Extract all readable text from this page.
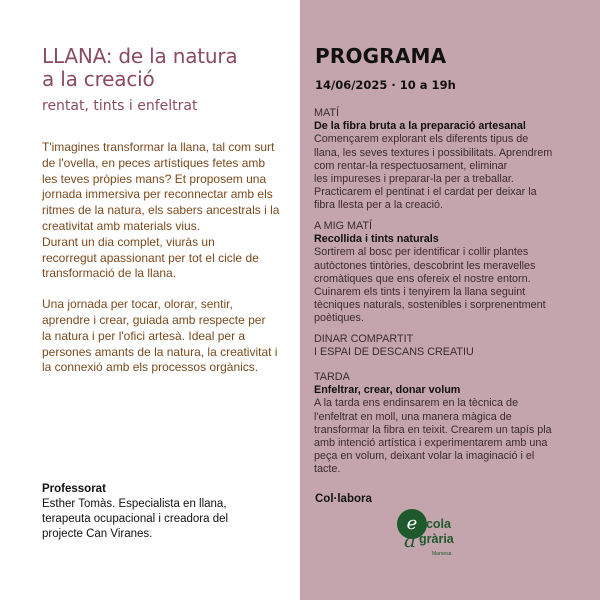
LLANA: de la natura
a la creació
rentat, tints i enfeltrat

T'imagines transformar la llana, tal com surt
de l'ovella, en peces artístiques fetes amb
les teves pròpies mans? Et proposem una
jornada immersiva per reconnectar amb els
ritmes de la natura, els sabers ancestrals i la
creativitat amb materials vius.
Durant un dia complet, viuràs un
recorregut apassionant per tot el cicle de
transformació de la llana.

Una jornada per tocar, olorar, sentir,
aprendre i crear, guiada amb respecte per
la natura i per l'ofici artesà. Ideal per a
persones amants de la natura, la creativitat i
la connexió amb els processos orgànics.

Professorat
Esther Tomàs. Especialista en llana,
terapeuta ocupacional i creadora del
projecte Can Viranes.
PROGRAMA
14/06/2025 · 10 a 19h
MATÍ
De la fibra bruta a la preparació artesanal
Començarem explorant els diferents tipus de
llana, les seves textures i possibilitats. Aprendrem
com rentar-la respectuosament, eliminar
les impureses i preparar-la per a treballar.
Practicarem el pentinat i el cardat per deixar la
fibra llesta per a la creació.
A MIG MATÍ
Recollida i tints naturals
Sortirem al bosc per identificar i collir plantes
autòctones tintòries, descobrint les meravelles
cromàtiques que ens ofereix el nostre entorn.
Cuinarem els tints i tenyirem la llana seguint
tècniques naturals, sostenibles i sorprenentment
poètiques.
DINAR COMPARTIT
I ESPAI DE DESCANS CREATIU
TARDA
Enfeltrar, crear, donar volum
A la tarda ens endinsarem en la tècnica de
l'enfeltrat en moll, una manera màgica de
transformar la fibra en teixit. Crearem un tapís pla
amb intenció artística i experimentarem amb una
peça en volum, deixant volar la imaginació i el
tacte.
Col·labora
e scola
a grària
Manresa
